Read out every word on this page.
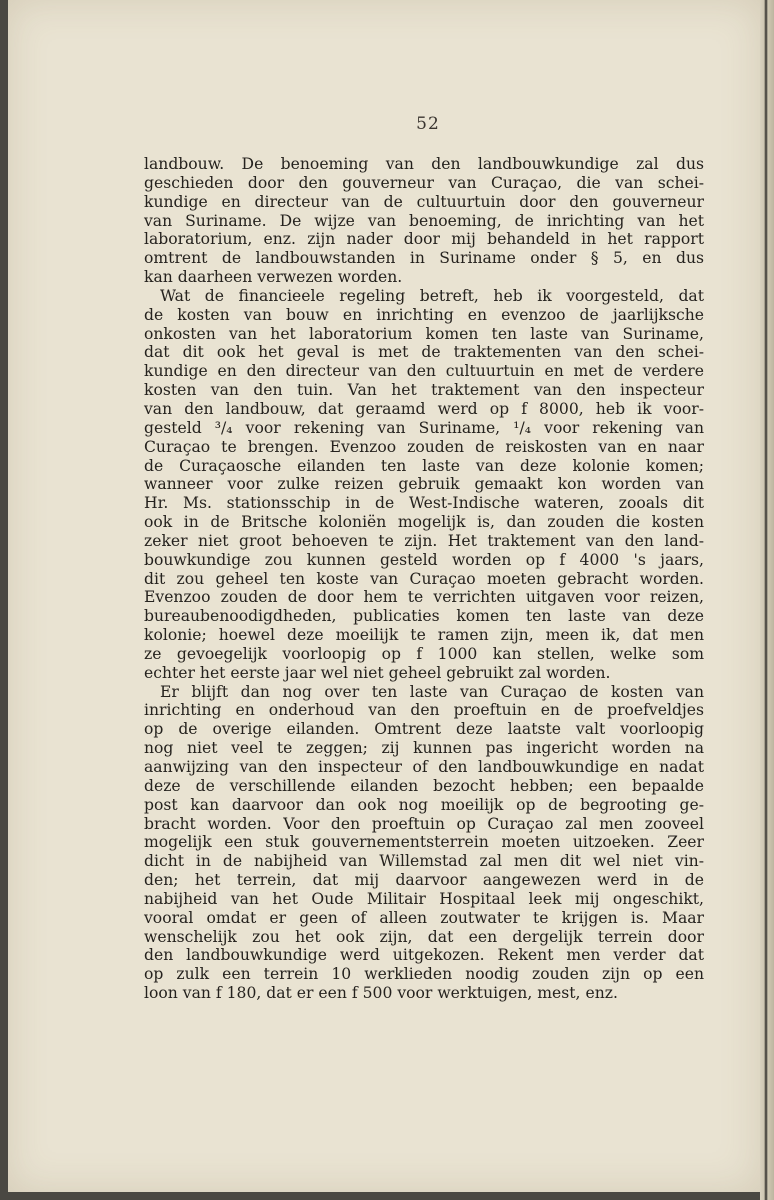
52
landbouw. De benoeming van den landbouwkundige zal dus
geschieden door den gouverneur van Curaçao, die van schei-
kundige en directeur van de cultuurtuin door den gouverneur
van Suriname. De wijze van benoeming, de inrichting van het
laboratorium, enz. zijn nader door mij behandeld in het rapport
omtrent de landbouwstanden in Suriname onder § 5, en dus
kan daarheen verwezen worden.
Wat de financieele regeling betreft, heb ik voorgesteld, dat
de kosten van bouw en inrichting en evenzoo de jaarlijksche
onkosten van het laboratorium komen ten laste van Suriname,
dat dit ook het geval is met de traktementen van den schei-
kundige en den directeur van den cultuurtuin en met de verdere
kosten van den tuin. Van het traktement van den inspecteur
van den landbouw, dat geraamd werd op f 8000, heb ik voor-
gesteld ³/₄ voor rekening van Suriname, ¹/₄ voor rekening van
Curaçao te brengen. Evenzoo zouden de reiskosten van en naar
de Curaçaosche eilanden ten laste van deze kolonie komen;
wanneer voor zulke reizen gebruik gemaakt kon worden van
Hr. Ms. stationsschip in de West-Indische wateren, zooals dit
ook in de Britsche koloniën mogelijk is, dan zouden die kosten
zeker niet groot behoeven te zijn. Het traktement van den land-
bouwkundige zou kunnen gesteld worden op f 4000 's jaars,
dit zou geheel ten koste van Curaçao moeten gebracht worden.
Evenzoo zouden de door hem te verrichten uitgaven voor reizen,
bureaubenoodigdheden, publicaties komen ten laste van deze
kolonie; hoewel deze moeilijk te ramen zijn, meen ik, dat men
ze gevoegelijk voorloopig op f 1000 kan stellen, welke som
echter het eerste jaar wel niet geheel gebruikt zal worden.
Er blijft dan nog over ten laste van Curaçao de kosten van
inrichting en onderhoud van den proeftuin en de proefveldjes
op de overige eilanden. Omtrent deze laatste valt voorloopig
nog niet veel te zeggen; zij kunnen pas ingericht worden na
aanwijzing van den inspecteur of den landbouwkundige en nadat
deze de verschillende eilanden bezocht hebben; een bepaalde
post kan daarvoor dan ook nog moeilijk op de begrooting ge-
bracht worden. Voor den proeftuin op Curaçao zal men zooveel
mogelijk een stuk gouvernementsterrein moeten uitzoeken. Zeer
dicht in de nabijheid van Willemstad zal men dit wel niet vin-
den; het terrein, dat mij daarvoor aangewezen werd in de
nabijheid van het Oude Militair Hospitaal leek mij ongeschikt,
vooral omdat er geen of alleen zoutwater te krijgen is. Maar
wenschelijk zou het ook zijn, dat een dergelijk terrein door
den landbouwkundige werd uitgekozen. Rekent men verder dat
op zulk een terrein 10 werklieden noodig zouden zijn op een
loon van f 180, dat er een f 500 voor werktuigen, mest, enz.
